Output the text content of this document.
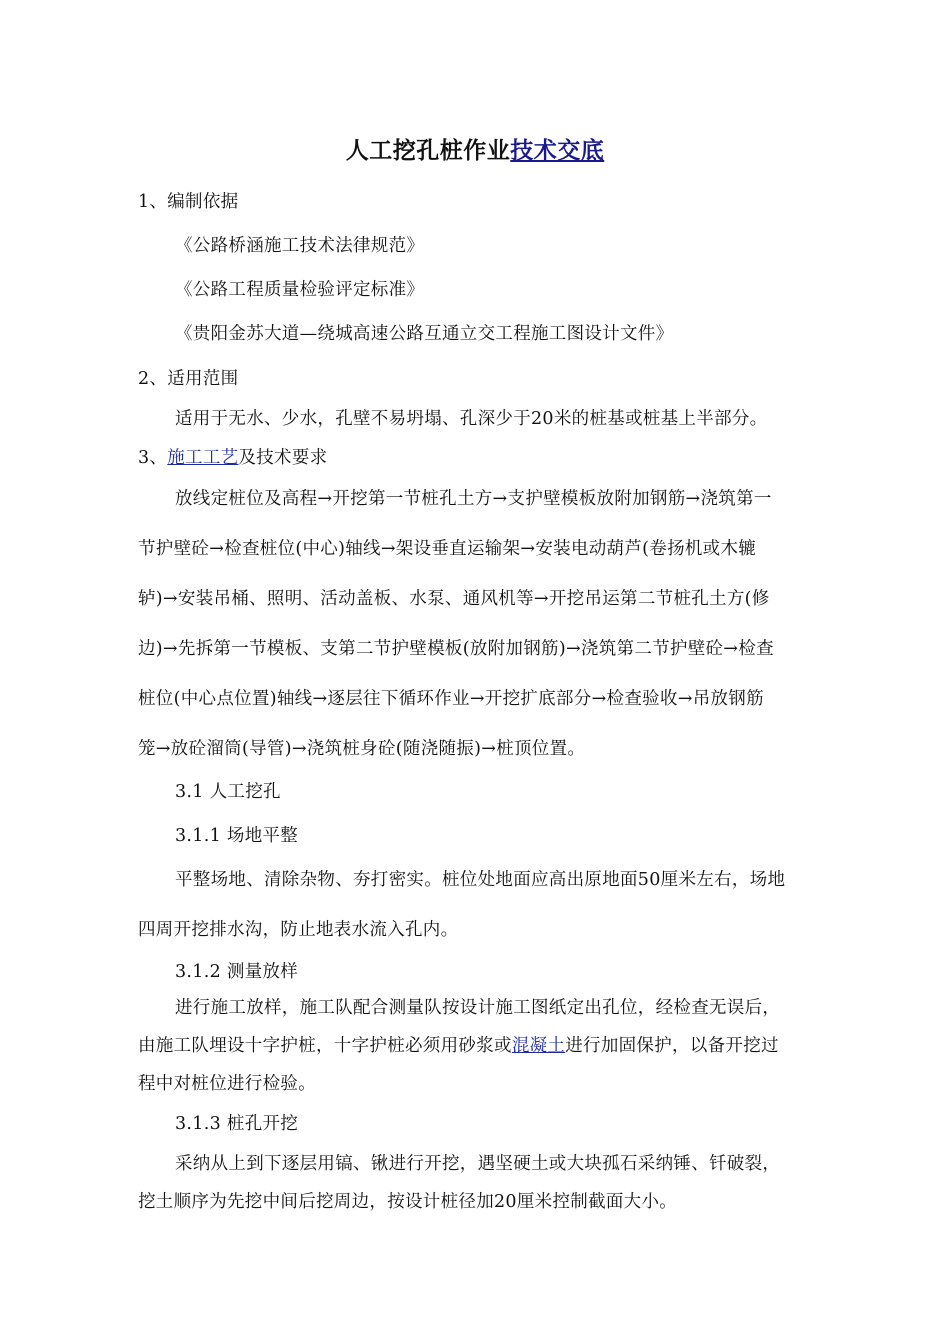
人工挖孔桩作业技术交底
1、编制依据
《公路桥涵施工技术法律规范》
《公路工程质量检验评定标准》
《贵阳金苏大道—绕城高速公路互通立交工程施工图设计文件》
2、适用范围
适用于无水、少水，孔壁不易坍塌、孔深少于20米的桩基或桩基上半部分。
3、施工工艺及技术要求
放线定桩位及高程→开挖第一节桩孔土方→支护壁模板放附加钢筋→浇筑第一
节护壁砼→检查桩位(中心)轴线→架设垂直运输架→安装电动葫芦(卷扬机或木辘
轳)→安装吊桶、照明、活动盖板、水泵、通风机等→开挖吊运第二节桩孔土方(修
边)→先拆第一节模板、支第二节护壁模板(放附加钢筋)→浇筑第二节护壁砼→检查
桩位(中心点位置)轴线→逐层往下循环作业→开挖扩底部分→检查验收→吊放钢筋
笼→放砼溜筒(导管)→浇筑桩身砼(随浇随振)→桩顶位置。
3.1 人工挖孔
3.1.1 场地平整
平整场地、清除杂物、夯打密实。桩位处地面应高出原地面50厘米左右，场地
四周开挖排水沟，防止地表水流入孔内。
3.1.2 测量放样
进行施工放样，施工队配合测量队按设计施工图纸定出孔位，经检查无误后，
由施工队埋设十字护桩，十字护桩必须用砂浆或混凝土进行加固保护，以备开挖过
程中对桩位进行检验。
3.1.3 桩孔开挖
采纳从上到下逐层用镐、锹进行开挖，遇坚硬土或大块孤石采纳锤、钎破裂，
挖土顺序为先挖中间后挖周边，按设计桩径加20厘米控制截面大小。
